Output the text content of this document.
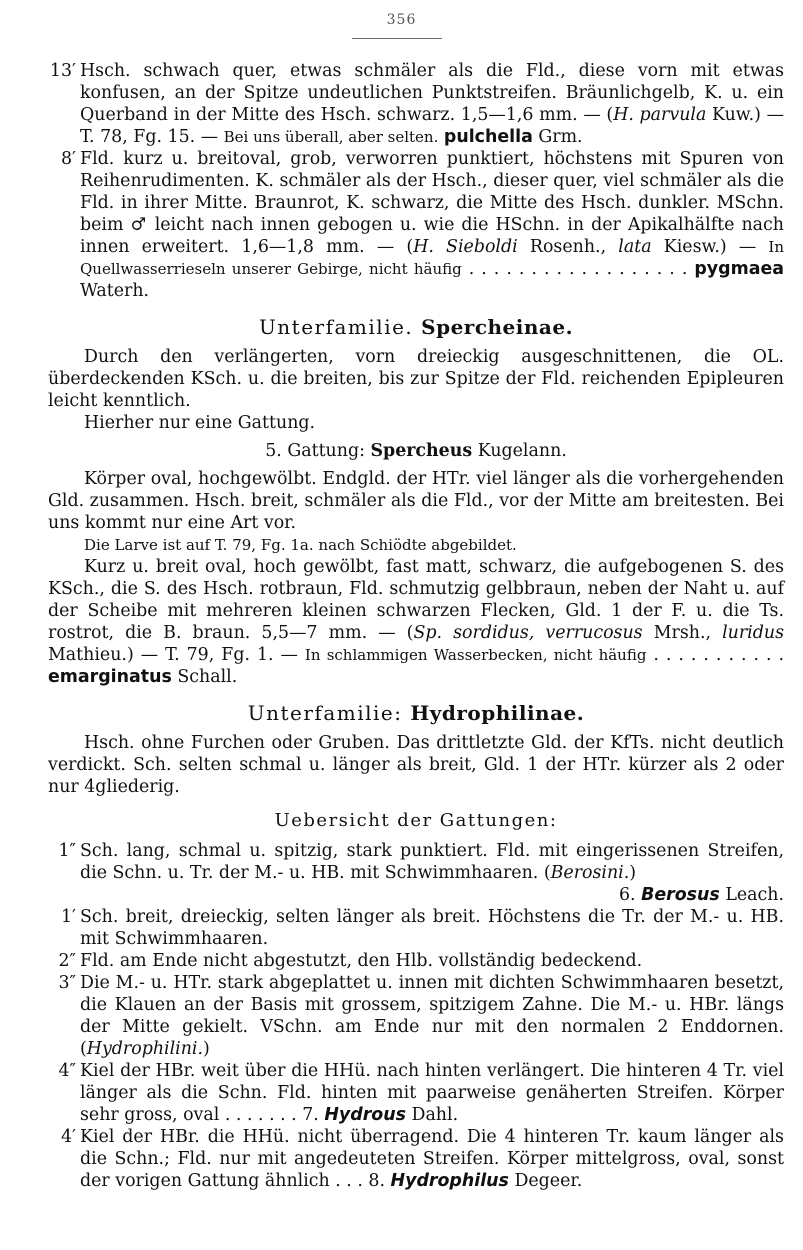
356
13′ Hsch. schwach quer, etwas schmäler als die Fld., diese vorn mit etwas konfusen, an der Spitze undeutlichen Punktstreifen. Bräunlichgelb, K. u. ein Querband in der Mitte des Hsch. schwarz. 1,5—1,6 mm. — (H. parvula Kuw.) — T. 78, Fg. 15. — Bei uns überall, aber selten. pulchella Grm.
8′ Fld. kurz u. breitoval, grob, verworren punktiert, höchstens mit Spuren von Reihenrudimenten. K. schmäler als der Hsch., dieser quer, viel schmäler als die Fld. in ihrer Mitte. Braunrot, K. schwarz, die Mitte des Hsch. dunkler. MSchn. beim ♂ leicht nach innen gebogen u. wie die HSchn. in der Apikalhälfte nach innen erweitert. 1,6—1,8 mm. — (H. Sieboldi Rosenh., lata Kiesw.) — In Quellwasserrieseln unserer Gebirge, nicht häufig . . . . . . . . . . . . . . . . . . pygmaea Waterh.
Unterfamilie. Spercheinae.

Durch den verlängerten, vorn dreieckig ausgeschnittenen, die OL. überdeckenden KSch. u. die breiten, bis zur Spitze der Fld. reichenden Epipleuren leicht kenntlich.

Hierher nur eine Gattung.

5. Gattung: Spercheus Kugelann.

Körper oval, hochgewölbt. Endgld. der HTr. viel länger als die vorhergehenden Gld. zusammen. Hsch. breit, schmäler als die Fld., vor der Mitte am breitesten. Bei uns kommt nur eine Art vor.

Die Larve ist auf T. 79, Fg. 1a. nach Schiödte abgebildet.

Kurz u. breit oval, hoch gewölbt, fast matt, schwarz, die aufgebogenen S. des KSch., die S. des Hsch. rotbraun, Fld. schmutzig gelbbraun, neben der Naht u. auf der Scheibe mit mehreren kleinen schwarzen Flecken, Gld. 1 der F. u. die Ts. rostrot, die B. braun. 5,5—7 mm. — (Sp. sordidus, verrucosus Mrsh., luridus Mathieu.) — T. 79, Fg. 1. — In schlammigen Wasserbecken, nicht häufig . . . . . . . . . . . emarginatus Schall.

Unterfamilie: Hydrophilinae.

Hsch. ohne Furchen oder Gruben. Das drittletzte Gld. der KfTs. nicht deutlich verdickt. Sch. selten schmal u. länger als breit, Gld. 1 der HTr. kürzer als 2 oder nur 4gliederig.

Uebersicht der Gattungen:
1″ Sch. lang, schmal u. spitzig, stark punktiert. Fld. mit eingerissenen Streifen, die Schn. u. Tr. der M.- u. HB. mit Schwimmhaaren. (Berosini.)
6. Berosus Leach.
1′ Sch. breit, dreieckig, selten länger als breit. Höchstens die Tr. der M.- u. HB. mit Schwimmhaaren.
2″ Fld. am Ende nicht abgestutzt, den Hlb. vollständig bedeckend.
3″ Die M.- u. HTr. stark abgeplattet u. innen mit dichten Schwimmhaaren besetzt, die Klauen an der Basis mit grossem, spitzigem Zahne. Die M.- u. HBr. längs der Mitte gekielt. VSchn. am Ende nur mit den normalen 2 Enddornen. (Hydrophilini.)
4″ Kiel der HBr. weit über die HHü. nach hinten verlängert. Die hinteren 4 Tr. viel länger als die Schn. Fld. hinten mit paarweise genäherten Streifen. Körper sehr gross, oval . . . . . . . 7. Hydrous Dahl.
4′ Kiel der HBr. die HHü. nicht überragend. Die 4 hinteren Tr. kaum länger als die Schn.; Fld. nur mit angedeuteten Streifen. Körper mittelgross, oval, sonst der vorigen Gattung ähnlich . . . 8. Hydrophilus Degeer.
